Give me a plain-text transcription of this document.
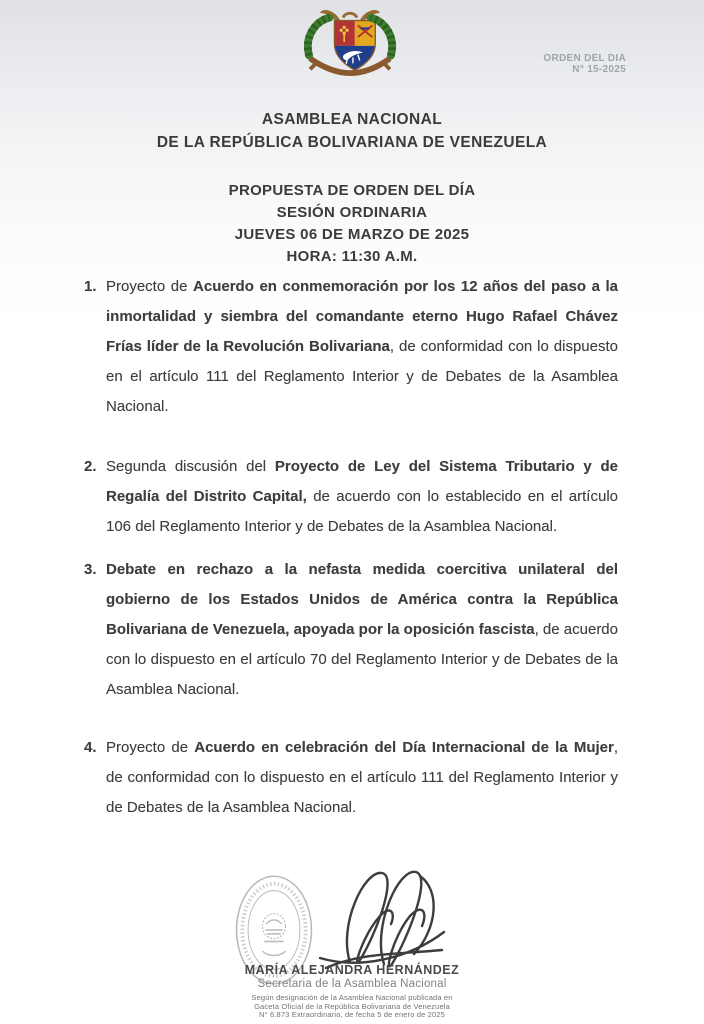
ORDEN DEL DIA
N° 15-2025
ASAMBLEA NACIONAL
DE LA REPÚBLICA BOLIVARIANA DE VENEZUELA
PROPUESTA DE ORDEN DEL DÍA
SESIÓN ORDINARIA
JUEVES 06 DE MARZO DE 2025
HORA: 11:30 A.M.
1. Proyecto de Acuerdo en conmemoración por los 12 años del paso a la inmortalidad y siembra del comandante eterno Hugo Rafael Chávez Frías líder de la Revolución Bolivariana, de conformidad con lo dispuesto en el artículo 111 del Reglamento Interior y de Debates de la Asamblea Nacional.
2. Segunda discusión del Proyecto de Ley del Sistema Tributario y de Regalía del Distrito Capital, de acuerdo con lo establecido en el artículo 106 del Reglamento Interior y de Debates de la Asamblea Nacional.
3. Debate en rechazo a la nefasta medida coercitiva unilateral del gobierno de los Estados Unidos de América contra la República Bolivariana de Venezuela, apoyada por la oposición fascista, de acuerdo con lo dispuesto en el artículo 70 del Reglamento Interior y de Debates de la Asamblea Nacional.
4. Proyecto de Acuerdo en celebración del Día Internacional de la Mujer, de conformidad con lo dispuesto en el artículo 111 del Reglamento Interior y de Debates de la Asamblea Nacional.
MARÍA ALEJANDRA HERNÁNDEZ
Secretaria de la Asamblea Nacional
Según designación de la Asamblea Nacional publicada en
Gaceta Oficial de la República Bolivariana de Venezuela
N° 6.873 Extraordinario, de fecha 5 de enero de 2025
